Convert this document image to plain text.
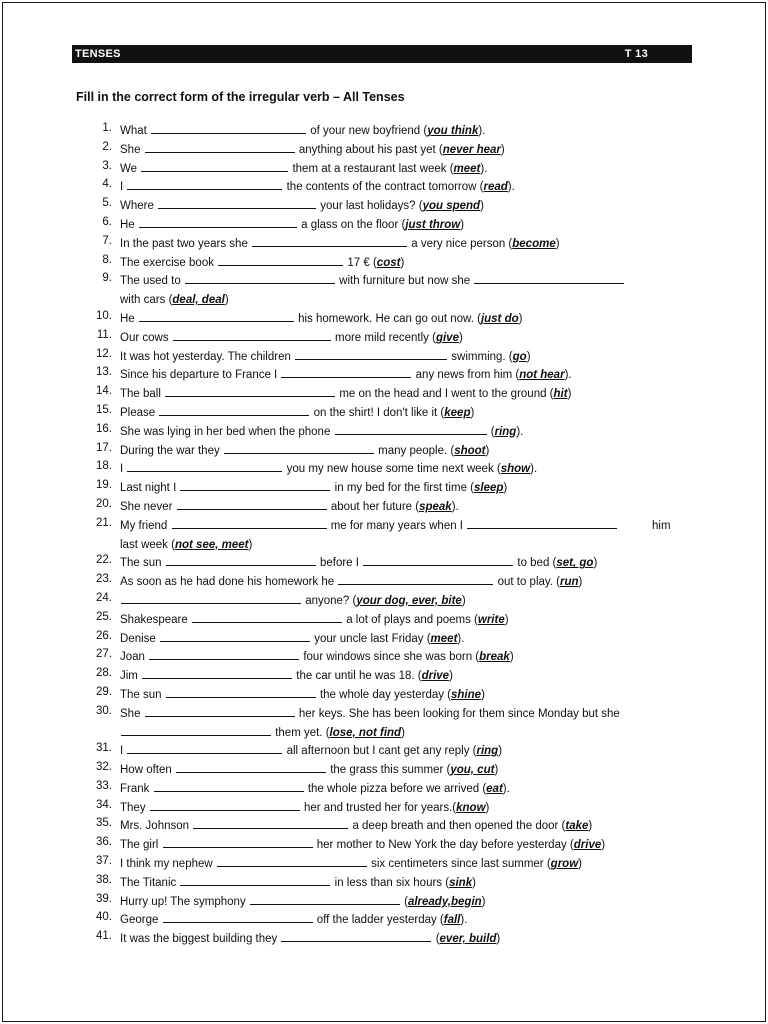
TENSES	T 13
Fill in the correct form of the irregular verb – All Tenses
1. What	of your new boyfriend (you think).
2. She	anything about his past yet (never hear)
3. We	them at a restaurant last week (meet).
4. I	the contents of the contract tomorrow (read).
5. Where	your last holidays? (you spend)
6. He	a glass on the floor (just throw)
7. In the past two years she	a very nice person (become)
8. The exercise book	17 € (cost)
9. The used to	with furniture but now she
with cars (deal, deal)
10. He	his homework. He can go out now. (just do)
11. Our cows	more mild recently (give)
12. It was hot yesterday. The children	swimming. (go)
13. Since his departure to France I	any news from him (not hear).
14. The ball	me on the head and I went to the ground (hit)
15. Please	on the shirt! I don't like it (keep)
16. She was lying in her bed when the phone	(ring).
17. During the war they	many people. (shoot)
18. I	you my new house some time next week (show).
19. Last night I	in my bed for the first time (sleep)
20. She never	about her future (speak).
21. My friend	me for many years when I	him
last week (not see, meet)
22. The sun	before I	to bed (set, go)
23. As soon as he had done his homework he	out to play. (run)
24.	anyone? (your dog, ever, bite)
25. Shakespeare	a lot of plays and poems (write)
26. Denise	your uncle last Friday (meet).
27. Joan	four windows since she was born (break)
28. Jim	the car until he was 18. (drive)
29. The sun	the whole day yesterday (shine)
30. She	her keys. She has been looking for them since Monday but she
them yet. (lose, not find)
31. I	all afternoon but I cant get any reply (ring)
32. How often	the grass this summer (you, cut)
33. Frank	the whole pizza before we arrived (eat).
34. They	her and trusted her for years.(know)
35. Mrs. Johnson	a deep breath and then opened the door (take)
36. The girl	her mother to New York the day before yesterday (drive)
37. I think my nephew	six centimeters since last summer (grow)
38. The Titanic	in less than six hours (sink)
39. Hurry up! The symphony	(already,begin)
40. George	off the ladder yesterday (fall).
41. It was the biggest building they	(ever, build)
